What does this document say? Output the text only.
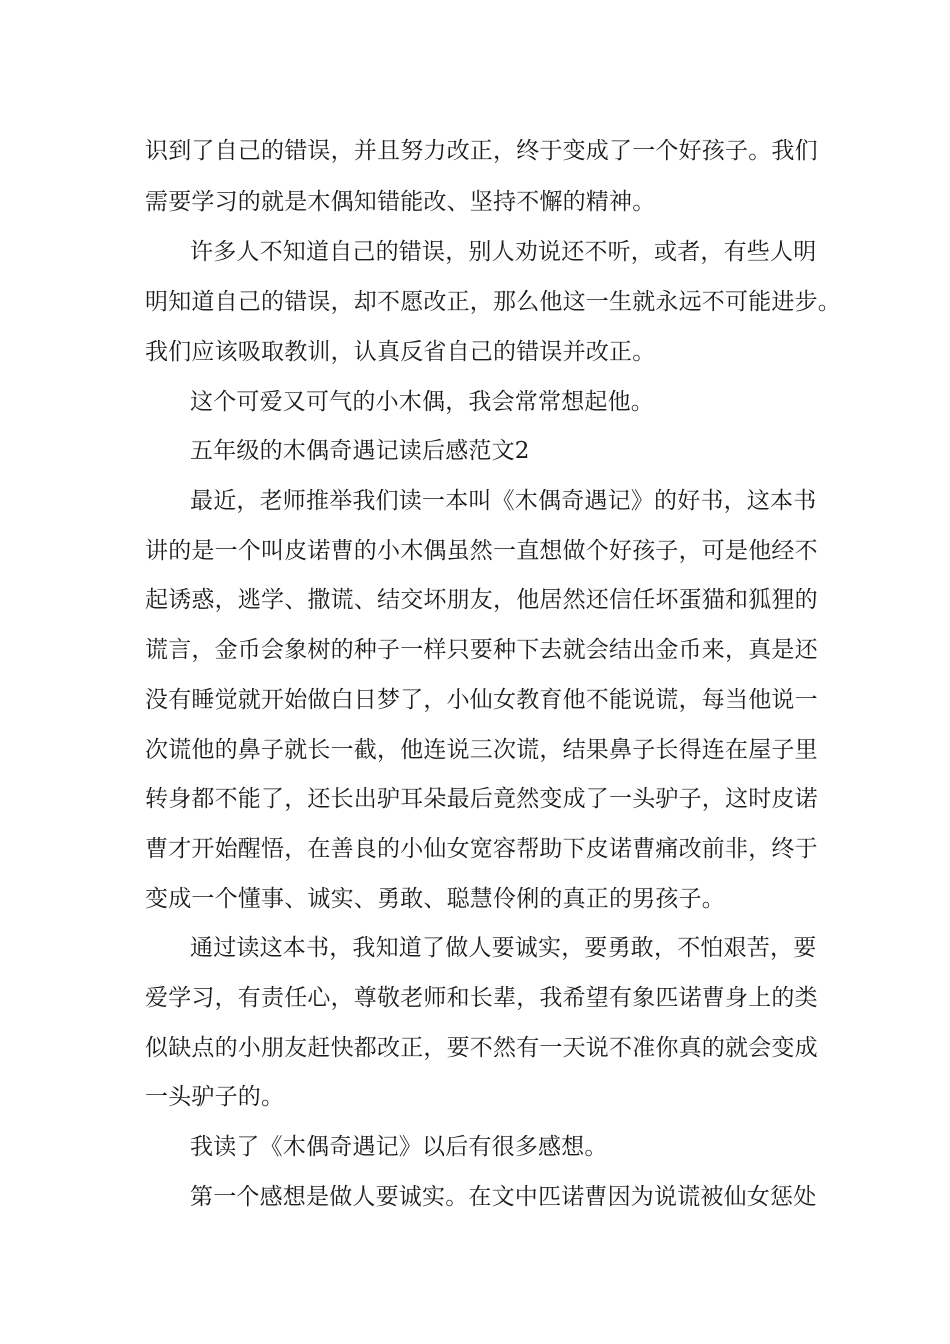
识到了自己的错误，并且努力改正，终于变成了一个好孩子。我们
需要学习的就是木偶知错能改、坚持不懈的精神。
许多人不知道自己的错误，别人劝说还不听，或者，有些人明
明知道自己的错误，却不愿改正，那么他这一生就永远不可能进步。
我们应该吸取教训，认真反省自己的错误并改正。
这个可爱又可气的小木偶，我会常常想起他。
五年级的木偶奇遇记读后感范文2
最近，老师推举我们读一本叫《木偶奇遇记》的好书，这本书
讲的是一个叫皮诺曹的小木偶虽然一直想做个好孩子，可是他经不
起诱惑，逃学、撒谎、结交坏朋友，他居然还信任坏蛋猫和狐狸的
谎言，金币会象树的种子一样只要种下去就会结出金币来，真是还
没有睡觉就开始做白日梦了，小仙女教育他不能说谎，每当他说一
次谎他的鼻子就长一截，他连说三次谎，结果鼻子长得连在屋子里
转身都不能了，还长出驴耳朵最后竟然变成了一头驴子，这时皮诺
曹才开始醒悟，在善良的小仙女宽容帮助下皮诺曹痛改前非，终于
变成一个懂事、诚实、勇敢、聪慧伶俐的真正的男孩子。
通过读这本书，我知道了做人要诚实，要勇敢，不怕艰苦，要
爱学习，有责任心，尊敬老师和长辈，我希望有象匹诺曹身上的类
似缺点的小朋友赶快都改正，要不然有一天说不准你真的就会变成
一头驴子的。
我读了《木偶奇遇记》以后有很多感想。
第一个感想是做人要诚实。在文中匹诺曹因为说谎被仙女惩处
